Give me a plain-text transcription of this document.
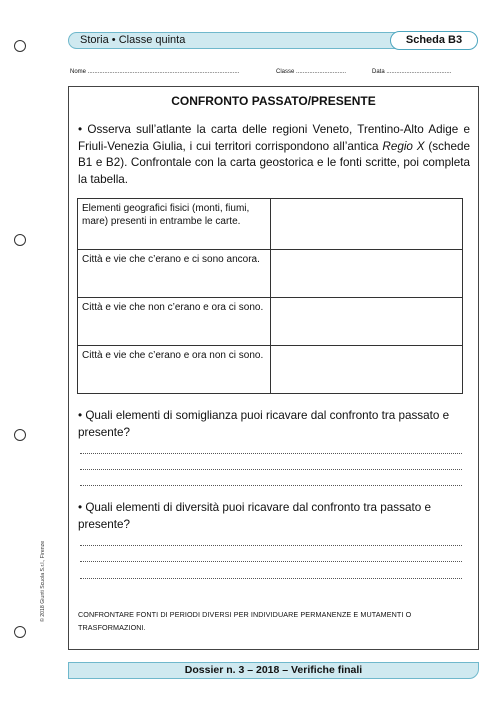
Storia • Classe quinta	Scheda B3
Nome ...........................................................................................	Classe ..............................	Data .......................................
CONFRONTO PASSATO/PRESENTE
• Osserva sull’atlante la carta delle regioni Veneto, Trentino-Alto Adige e Friuli-Venezia Giulia, i cui territori corrispondono all’antica Regio X (schede B1 e B2). Confrontale con la carta geostorica e le fonti scritte, poi completa la tabella.
Elementi geografici fisici (monti, fiumi, mare) presenti in entrambe le carte.	
Città e vie che c’erano e ci sono ancora.	
Città e vie che non c’erano e ora ci sono.	
Città e vie che c’erano e ora non ci sono.	
• Quali elementi di somiglianza puoi ricavare dal confronto tra passato e presente?
• Quali elementi di diversità puoi ricavare dal confronto tra passato e presente?
CONFRONTARE FONTI DI PERIODI DIVERSI PER INDIVIDUARE PERMANENZE E MUTAMENTI O TRASFORMAZIONI.
Dossier n. 3 – 2018 – Verifiche finali
© 2018 Giunti Scuola S.r.l., Firenze
